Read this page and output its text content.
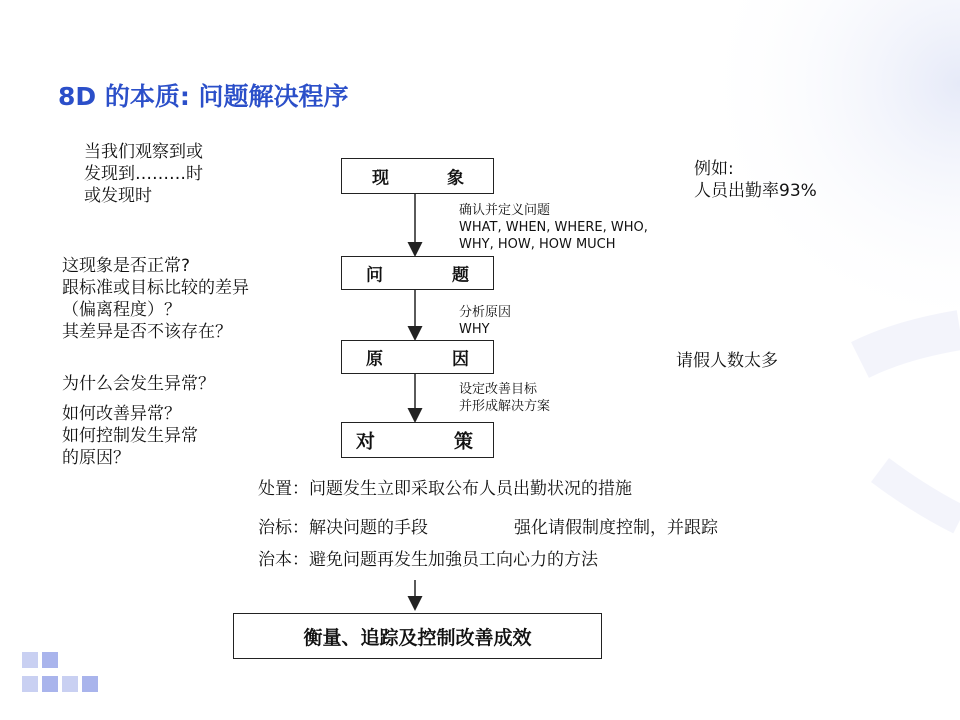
8D 的本质: 问题解决程序
当我们观察到或
发现到………时
或发现时
这现象是否正常?
跟标准或目标比较的差异
（偏离程度）？
其差异是否不该存在？
为什么会发生异常？
如何改善异常？
如何控制发生异常
的原因？
现	象
问	题
原	因
对	策
确认并定义问题
WHAT, WHEN, WHERE, WHO,
WHY, HOW, HOW MUCH
分析原因
WHY
设定改善目标
并形成解决方案
例如:
人员出勤率93%
请假人数太多
处置：问题发生立即采取公布人员出勤状况的措施
治标：解决问题的手段	强化请假制度控制，并跟踪
治本：避免问题再发生加強员工向心力的方法
衡量、追踪及控制改善成效
